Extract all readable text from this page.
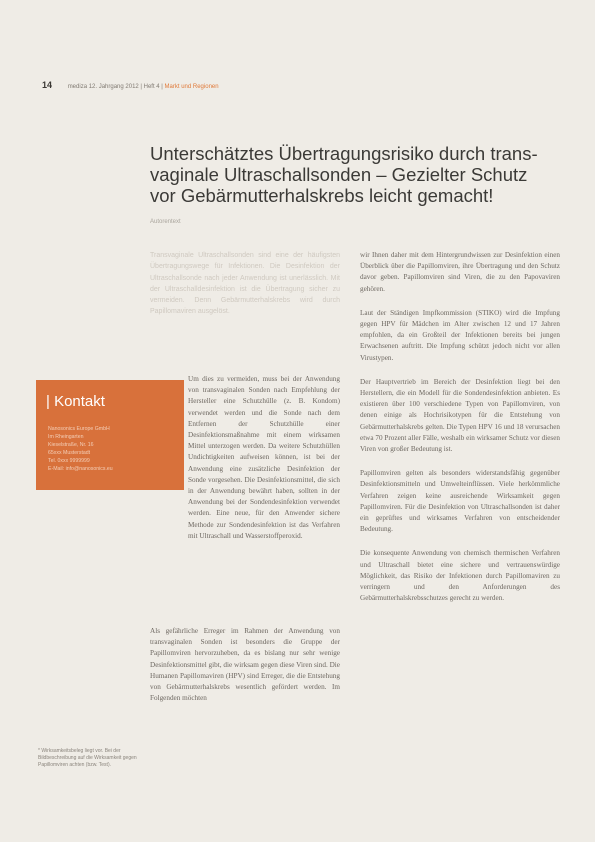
14	mediza 12. Jahrgang 2012 | Heft 4 | Markt und Regionen
Unterschätztes Übertragungsrisiko durch trans-
vaginale Ultraschallsonden – Gezielter Schutz
vor Gebärmutterhalskrebs leicht gemacht!
Autorentext
Transvaginale Ultraschallsonden sind eine der häufigsten Übertragungswege für Infektionen. Die Desinfektion der Ultraschallsonde nach jeder Anwendung ist unerlässlich. Mit der Ultraschalldesinfektion ist die Übertragung sicher zu vermeiden. Denn Gebärmutterhalskrebs wird durch Papillomaviren ausgelöst.
| Kontakt
Nanosonics Europe GmbH
Im Rheingarten
Kieselstraße, Nr. 16
65xxx Musterstadt
Tel. 0xxx 9999999
E-Mail: info@nanosonics.eu

Um dies zu vermeiden, muss bei der Anwendung von transvaginalen Sonden nach Empfehlung der Hersteller eine Schutzhülle (z. B. Kondom) verwendet werden und die Sonde nach dem Entfernen der Schutzhülle einer Desinfektionsmaßnahme mit einem wirksamen Mittel unterzogen werden. Da weitere Schutzhüllen Undichtigkeiten aufweisen können, ist bei der Anwendung eine zusätzliche Desinfektion der Sonde vorgesehen. Die Desinfektionsmittel, die sich in der Anwendung bewährt haben, sollten in der Anwendung bei der Sondendesinfektion verwendet werden. Eine neue, für den Anwender sichere Methode zur Sondendesinfektion ist das Verfahren mit Ultraschall und Wasserstoffperoxid.

Als gefährliche Erreger im Rahmen der Anwendung von transvaginalen Sonden ist besonders die Gruppe der Papillomviren hervorzuheben, da es bislang nur sehr wenige Desinfektionsmittel gibt, die wirksam gegen diese Viren sind. Die Humanen Papillomaviren (HPV) sind Erreger, die die Entstehung von Gebärmutterhalskrebs wesentlich gefördert werden. Im Folgenden möchten

wir Ihnen daher mit dem Hintergrundwissen zur Desinfektion einen Überblick über die Papillomviren, ihre Übertragung und den Schutz davor geben. Papillomviren sind Viren, die zu den Papovaviren gehören.

Laut der Ständigen Impfkommission (STIKO) wird die Impfung gegen HPV für Mädchen im Alter zwischen 12 und 17 Jahren empfohlen, da ein Großteil der Infektionen bereits bei jungen Erwachsenen auftritt. Die Impfung schützt jedoch nicht vor allen Virustypen.

Der Hauptvertrieb im Bereich der Desinfektion liegt bei den Herstellern, die ein Modell für die Sondendesinfektion anbieten. Es existieren über 100 verschiedene Typen von Papillomviren, von denen einige als Hochrisikotypen für die Entstehung von Gebärmutterhalskrebs gelten. Die Typen HPV 16 und 18 verursachen etwa 70 Prozent aller Fälle, weshalb ein wirksamer Schutz vor diesen Viren von großer Bedeutung ist.

Papillomviren gelten als besonders widerstandsfähig gegenüber Desinfektionsmitteln und Umwelteinflüssen. Viele herkömmliche Verfahren zeigen keine ausreichende Wirksamkeit gegen Papillomviren. Für die Desinfektion von Ultraschallsonden ist daher ein geprüftes und wirksames Verfahren von entscheidender Bedeutung.

Die konsequente Anwendung von chemisch thermischen Verfahren und Ultraschall bietet eine sichere und vertrauenswürdige Möglichkeit, das Risiko der Infektionen durch Papillomaviren zu verringern und den Anforderungen des Gebärmutterhalskrebsschutzes gerecht zu werden.

* Wirksamkeitsbeleg liegt vor. Bei der Bildbeschreibung auf die Wirksamkeit gegen Papillomviren achten (bzw. Test).
